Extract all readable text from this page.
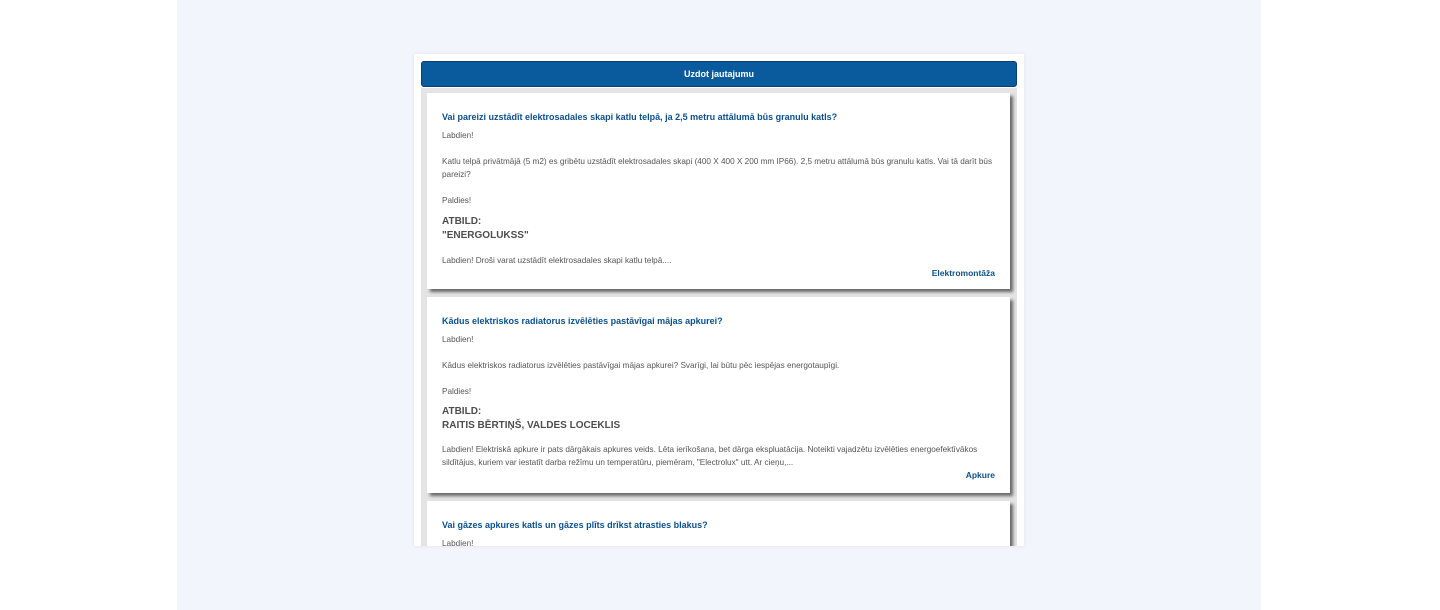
Uzdot jautajumu
Vai pareizi uzstādīt elektrosadales skapi katlu telpā, ja 2,5 metru attālumā būs granulu katls?

Labdien!

Katlu telpā privātmājā (5 m2) es gribētu uzstādīt elektrosadales skapi (400 X 400 X 200 mm IP66). 2,5 metru attālumā būs granulu katls. Vai tā darīt būs pareizi?

Paldies!

ATBILD:
"ENERGOLUKSS"
Labdien! Droši varat uzstādīt elektrosadales skapi katlu telpā....
Elektromontāža
Kādus elektriskos radiatorus izvēlēties pastāvīgai mājas apkurei?

Labdien!

Kādus elektriskos radiatorus izvēlēties pastāvīgai mājas apkurei? Svarīgi, lai būtu pēc iespējas energotaupīgi.

Paldies!

ATBILD:
RAITIS BĒRTIŅŠ, VALDES LOCEKLIS
Labdien! Elektriskā apkure ir pats dārgākais apkures veids. Lēta ierīkošana, bet dārga ekspluatācija. Noteikti vajadzētu izvēlēties energoefektīvākos sildītājus, kuriem var iestatīt darba režīmu un temperatūru, piemēram, "Electrolux" utt. Ar cieņu,...
Apkure
Vai gāzes apkures katls un gāzes plīts drīkst atrasties blakus?

Labdien!
